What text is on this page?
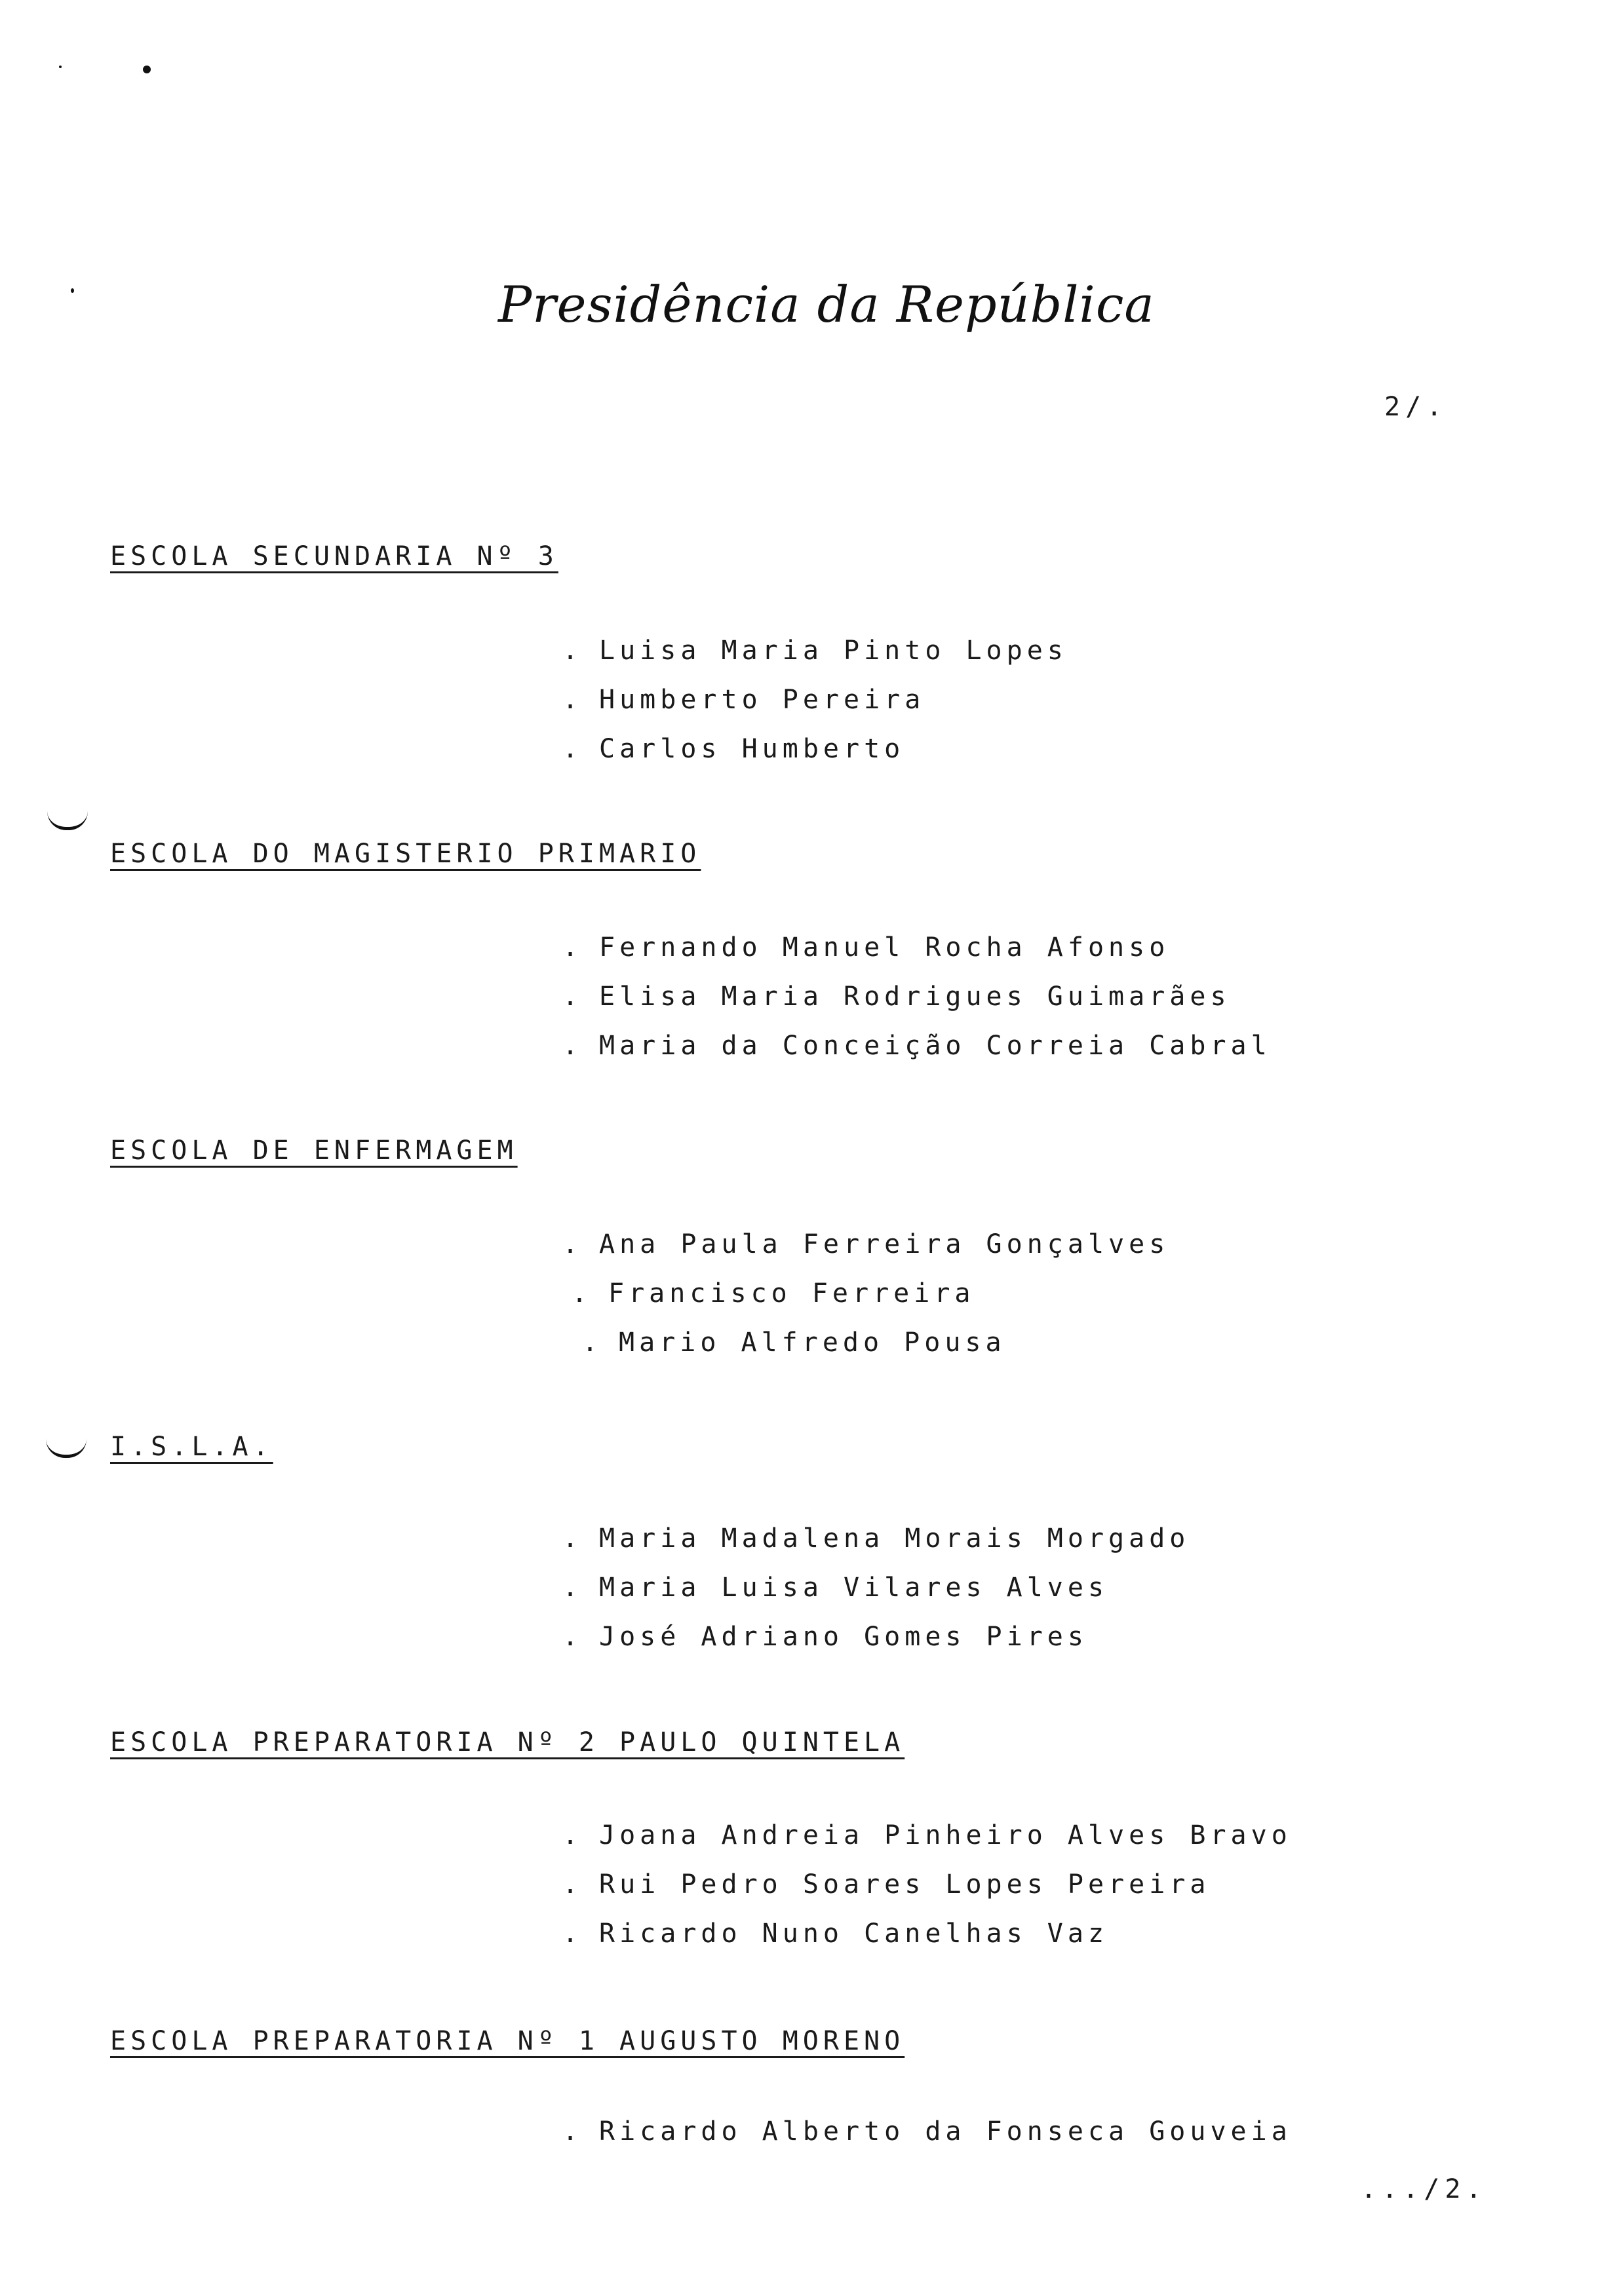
Presidência da República
2/.
ESCOLA SECUNDARIA Nº 3
. Luisa Maria Pinto Lopes
. Humberto Pereira
. Carlos Humberto
ESCOLA DO MAGISTERIO PRIMARIO
. Fernando Manuel Rocha Afonso
. Elisa Maria Rodrigues Guimarães
. Maria da Conceição Correia Cabral
ESCOLA DE ENFERMAGEM
. Ana Paula Ferreira Gonçalves
. Francisco Ferreira
. Mario Alfredo Pousa
I.S.L.A.
. Maria Madalena Morais Morgado
. Maria Luisa Vilares Alves
. José Adriano Gomes Pires
ESCOLA PREPARATORIA Nº 2 PAULO QUINTELA
. Joana Andreia Pinheiro Alves Bravo
. Rui Pedro Soares Lopes Pereira
. Ricardo Nuno Canelhas Vaz
ESCOLA PREPARATORIA Nº 1 AUGUSTO MORENO
. Ricardo Alberto da Fonseca Gouveia
.../2.
